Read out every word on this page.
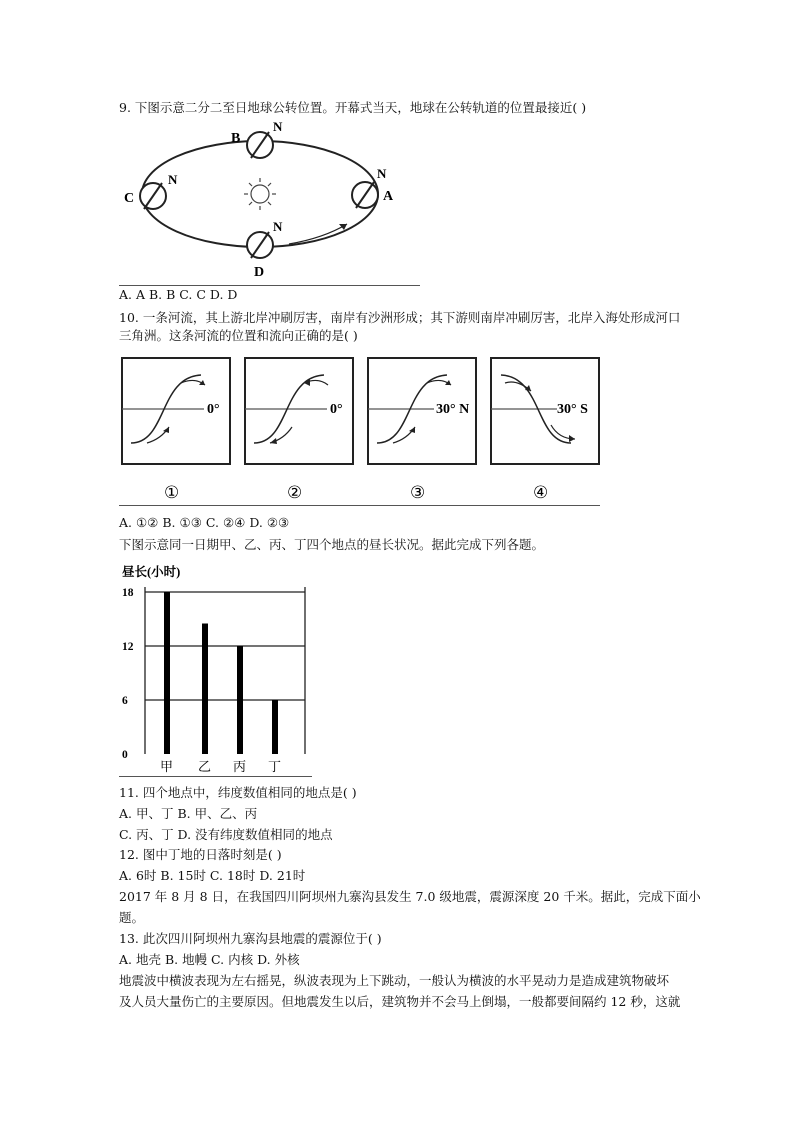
9. 下图示意二分二至日地球公转位置。开幕式当天，地球在公转轨道的位置最接近( )
B
N
C
N
A
N
D
N
A. A B. B C. C D. D
10. 一条河流，其上游北岸冲刷厉害，南岸有沙洲形成；其下游则南岸冲刷厉害，北岸入海处形成河口
三角洲。这条河流的位置和流向正确的是( )
0°
①
0°
②
30° N
③
30° S
④
A. ①② B. ①③ C. ②④ D. ②③
下图示意同一日期甲、乙、丙、丁四个地点的昼长状况。据此完成下列各题。
昼长(小时)
0
6
12
18
甲 乙 丙 丁
11. 四个地点中，纬度数值相同的地点是( )
A. 甲、丁 B. 甲、乙、丙
C. 丙、丁 D. 没有纬度数值相同的地点
12. 图中丁地的日落时刻是( )
A. 6时 B. 15时 C. 18时 D. 21时
2017 年 8 月 8 日，在我国四川阿坝州九寨沟县发生 7.0 级地震，震源深度 20 千米。据此，完成下面小
题。
13. 此次四川阿坝州九寨沟县地震的震源位于( )
A. 地壳 B. 地幔 C. 内核 D. 外核
地震波中横波表现为左右摇晃，纵波表现为上下跳动，一般认为横波的水平晃动力是造成建筑物破坏
及人员大量伤亡的主要原因。但地震发生以后，建筑物并不会马上倒塌，一般都要间隔约 12 秒，这就
